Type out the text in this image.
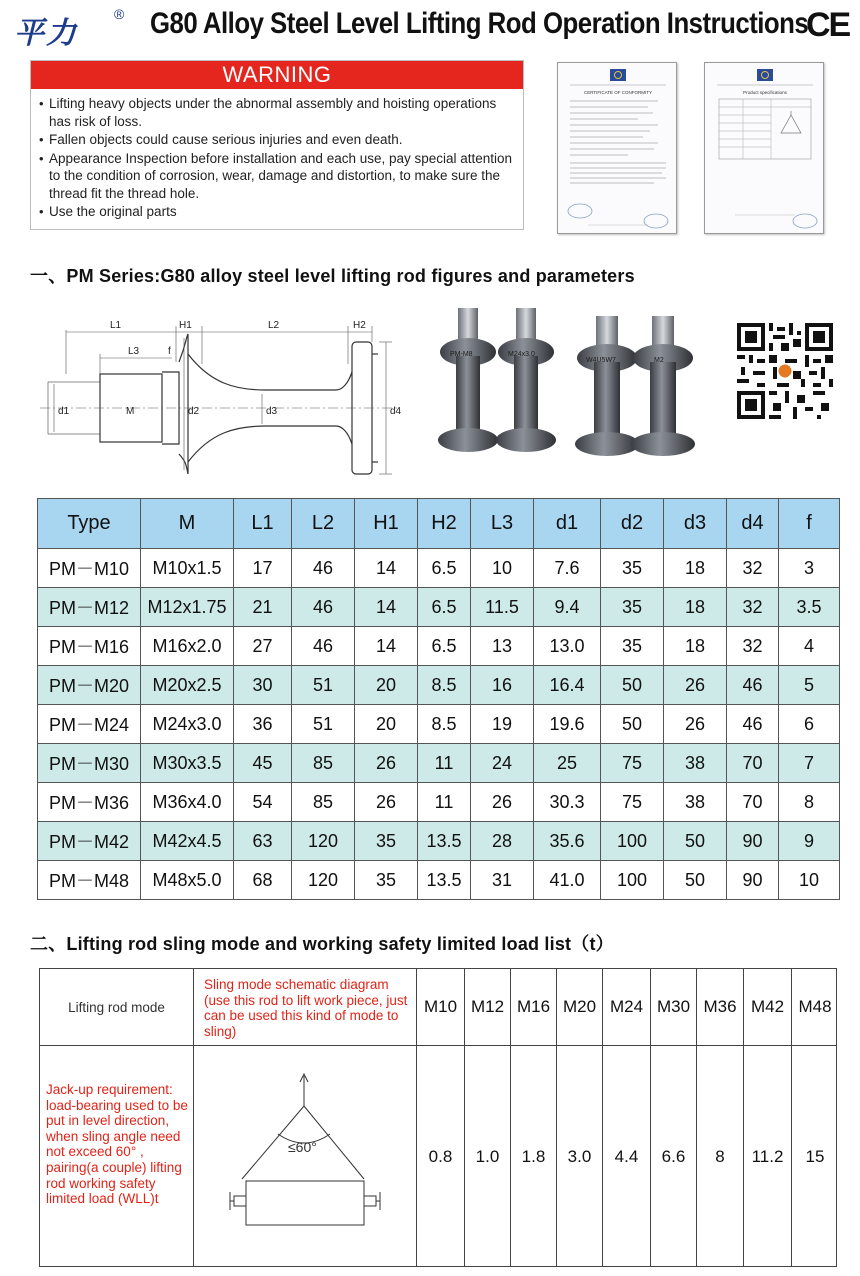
平力
® G80 Alloy Steel Level Lifting Rod Operation Instructions
CE
WARNING
• Lifting heavy objects under the abnormal assembly and hoisting operations has risk of loss.
• Fallen objects could cause serious injuries and even death.
• Appearance Inspection before installation and each use, pay special attention to the condition of corrosion, wear, damage and distortion, to make sure the thread fit the thread hole.
• Use the original parts
CERTIFICATE OF CONFORMITY	Product specifications
一、PM Series:G80 alloy steel level lifting rod figures and parameters
L1	H1	L2	H2
L3	f
d1	M	d2	d3	d4
PM-M8	M24x3.0
W4U5W7	M2
Type	M	L1	L2	H1	H2	L3	d1	d2	d3	d4	f
PM－M10	M10x1.5	17	46	14	6.5	10	7.6	35	18	32	3
PM－M12	M12x1.75	21	46	14	6.5	11.5	9.4	35	18	32	3.5
PM－M16	M16x2.0	27	46	14	6.5	13	13.0	35	18	32	4
PM－M20	M20x2.5	30	51	20	8.5	16	16.4	50	26	46	5
PM－M24	M24x3.0	36	51	20	8.5	19	19.6	50	26	46	6
PM－M30	M30x3.5	45	85	26	11	24	25	75	38	70	7
PM－M36	M36x4.0	54	85	26	11	26	30.3	75	38	70	8
PM－M42	M42x4.5	63	120	35	13.5	28	35.6	100	50	90	9
PM－M48	M48x5.0	68	120	35	13.5	31	41.0	100	50	90	10
二、Lifting rod sling mode and working safety limited load list（t）
Lifting rod mode
Sling mode schematic diagram (use this rod to lift work piece, just can be used this kind of mode to sling)
M10 M12 M16 M20 M24 M30 M36 M42 M48
Jack-up requirement: load-bearing used to be put in level direction, when sling angle need not exceed 60° , pairing(a couple) lifting rod working safety limited load (WLL)t
≤60°	0.8	1.0	1.8	3.0	4.4	6.6	8	11.2	15
